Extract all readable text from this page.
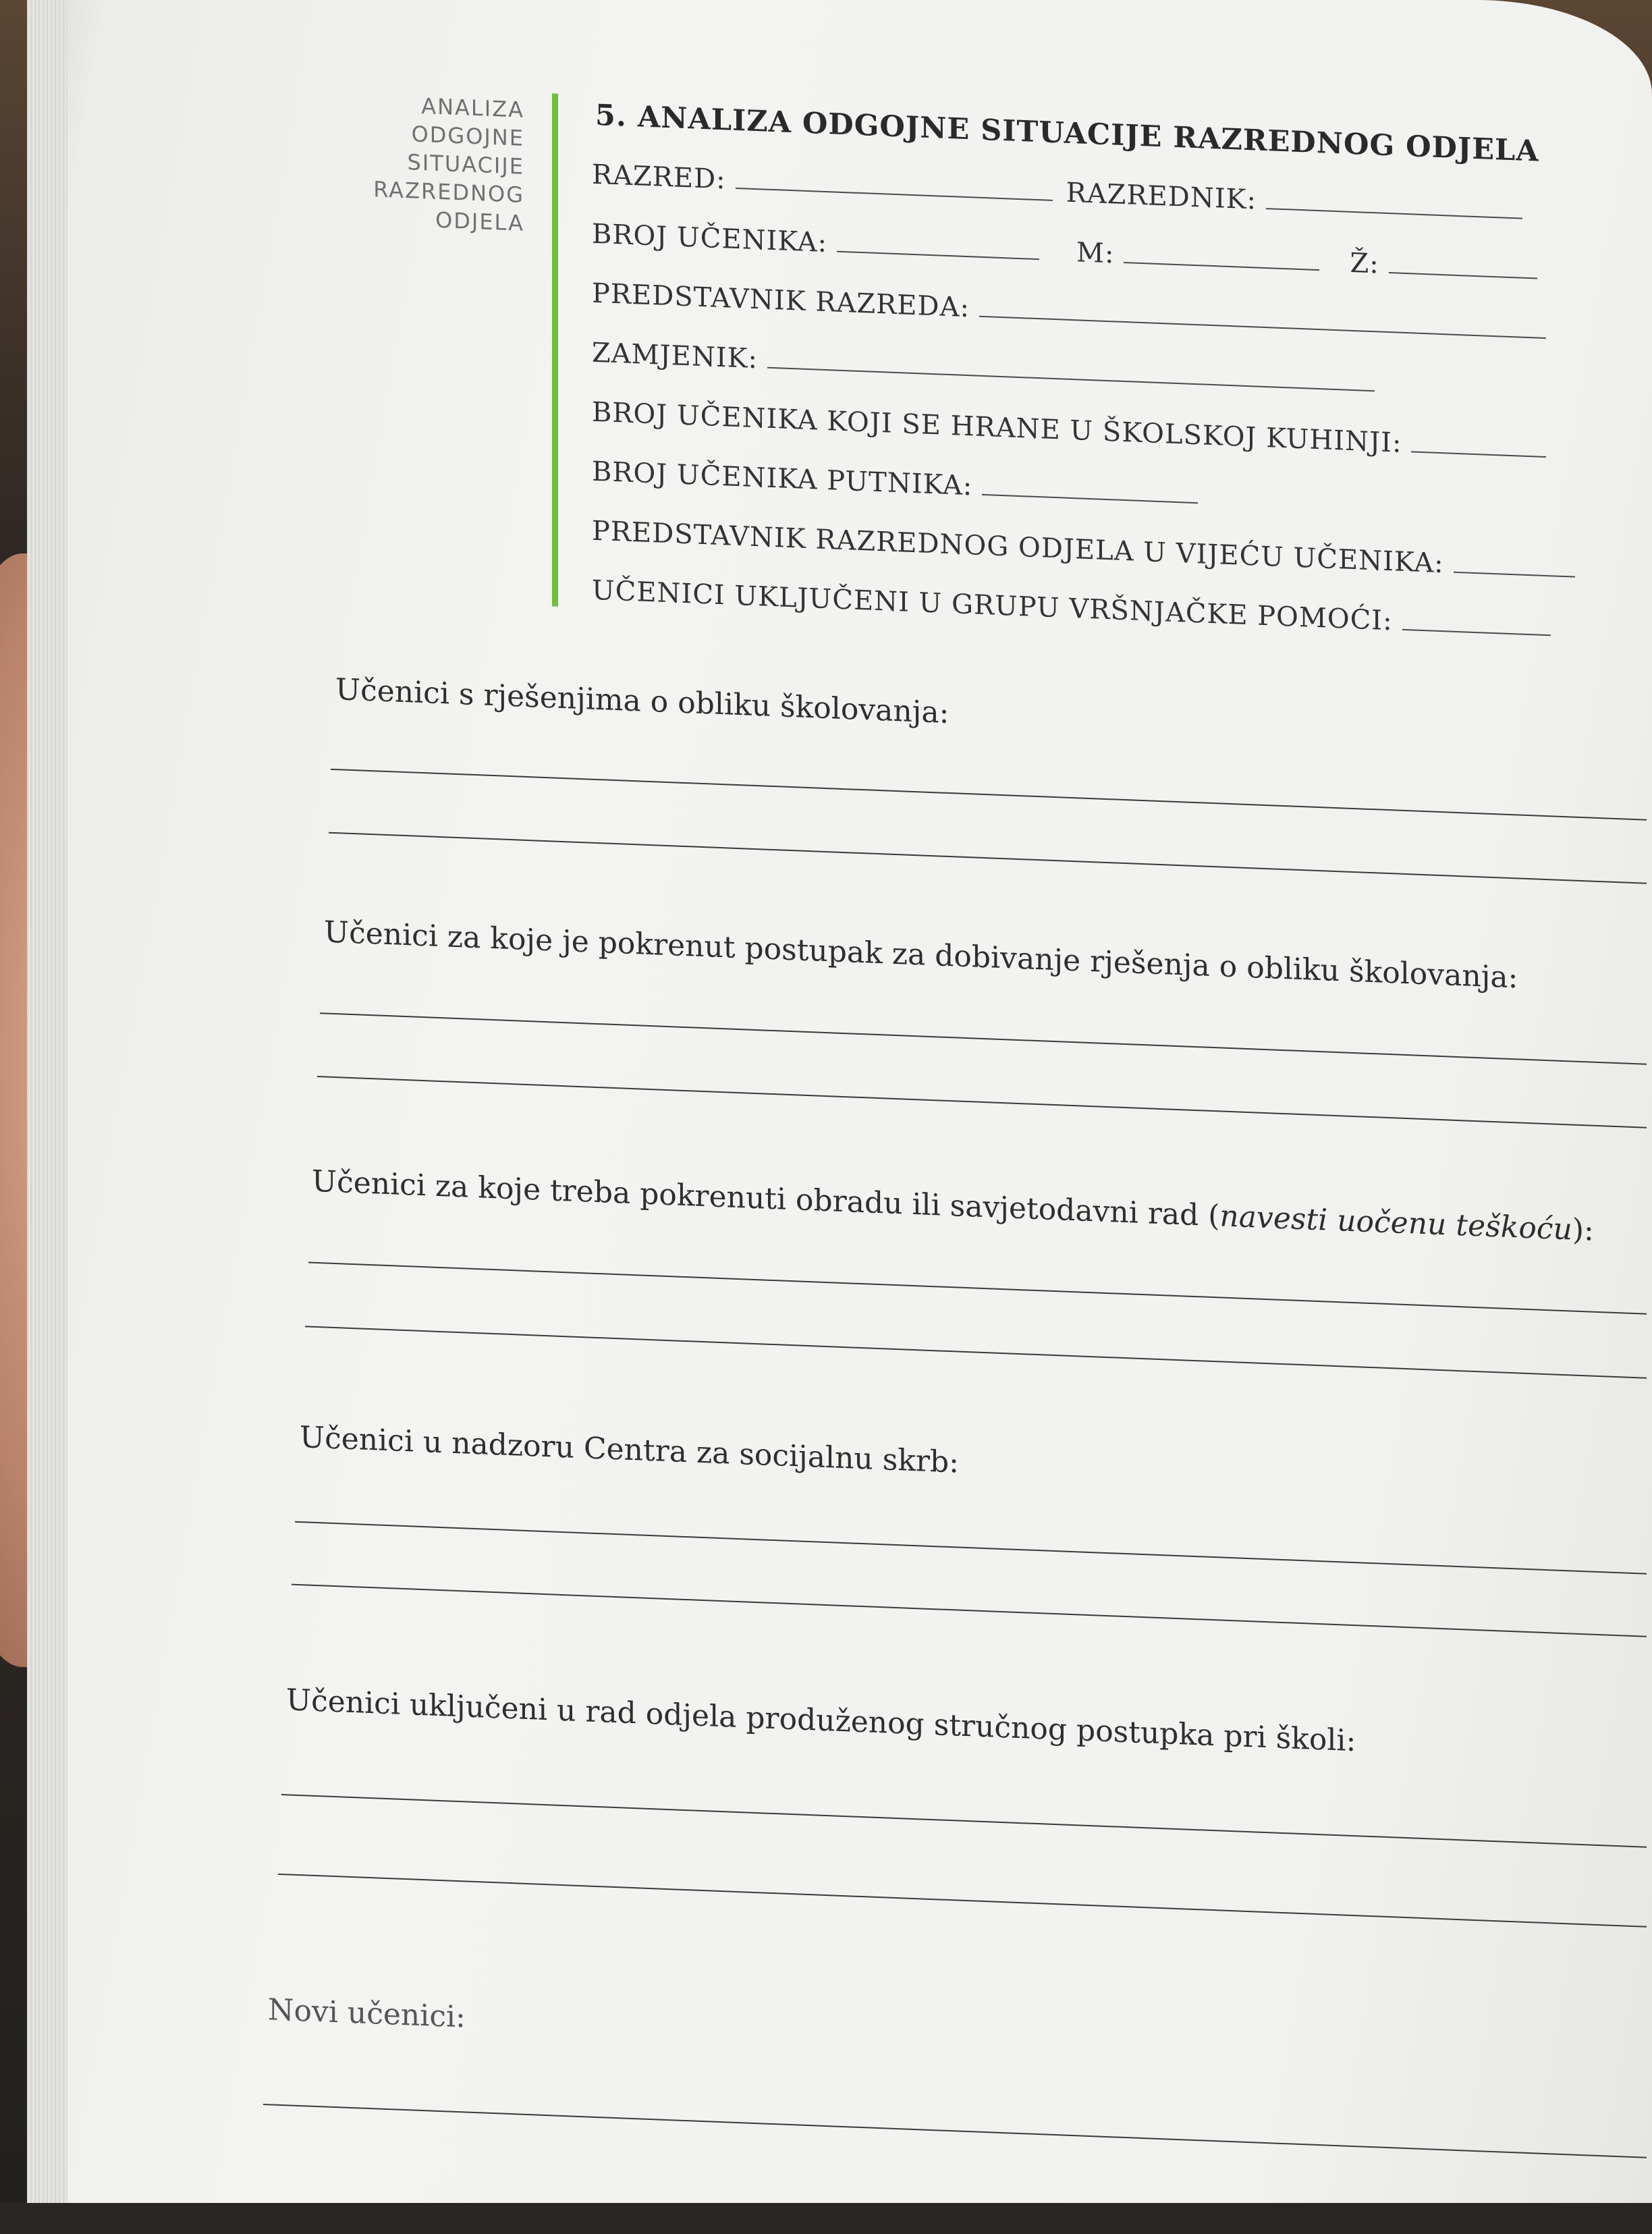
ANALIZA
ODGOJNE
SITUACIJE
RAZREDNOG
ODJELA
5. ANALIZA ODGOJNE SITUACIJE RAZREDNOG ODJELA
RAZRED:
RAZREDNIK:
BROJ UČENIKA:	M:	Ž:
PREDSTAVNIK RAZREDA:
ZAMJENIK:
BROJ UČENIKA KOJI SE HRANE U ŠKOLSKOJ KUHINJI:
BROJ UČENIKA PUTNIKA:
PREDSTAVNIK RAZREDNOG ODJELA U VIJEĆU UČENIKA:
UČENICI UKLJUČENI U GRUPU VRŠNJAČKE POMOĆI:
Učenici s rješenjima o obliku školovanja:
Učenici za koje je pokrenut postupak za dobivanje rješenja o obliku školovanja:
Učenici za koje treba pokrenuti obradu ili savjetodavni rad (navesti uočenu teškoću):
Učenici u nadzoru Centra za socijalnu skrb:
Učenici uključeni u rad odjela produženog stručnog postupka pri školi:
Novi učenici:
